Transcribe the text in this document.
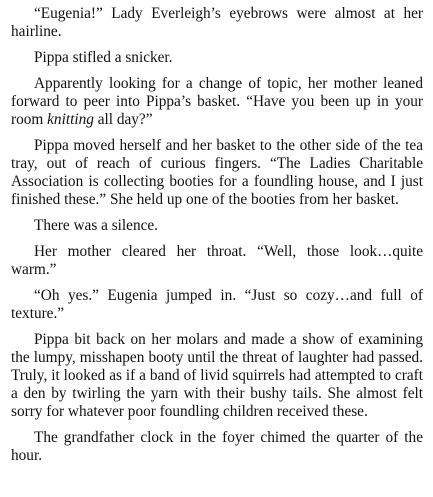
“Eugenia!” Lady Everleigh’s eyebrows were almost at her hairline.

Pippa stifled a snicker.

Apparently looking for a change of topic, her mother leaned forward to peer into Pippa’s basket. “Have you been up in your room knitting all day?”

Pippa moved herself and her basket to the other side of the tea tray, out of reach of curious fingers. “The Ladies Charitable Association is collecting booties for a foundling house, and I just finished these.” She held up one of the booties from her basket.

There was a silence.

Her mother cleared her throat. “Well, those look…quite warm.”

“Oh yes.” Eugenia jumped in. “Just so cozy…and full of texture.”

Pippa bit back on her molars and made a show of examining the lumpy, misshapen booty until the threat of laughter had passed. Truly, it looked as if a band of livid squirrels had attempted to craft a den by twirling the yarn with their bushy tails. She almost felt sorry for whatever poor foundling children received these.

The grandfather clock in the foyer chimed the quarter of the hour.
